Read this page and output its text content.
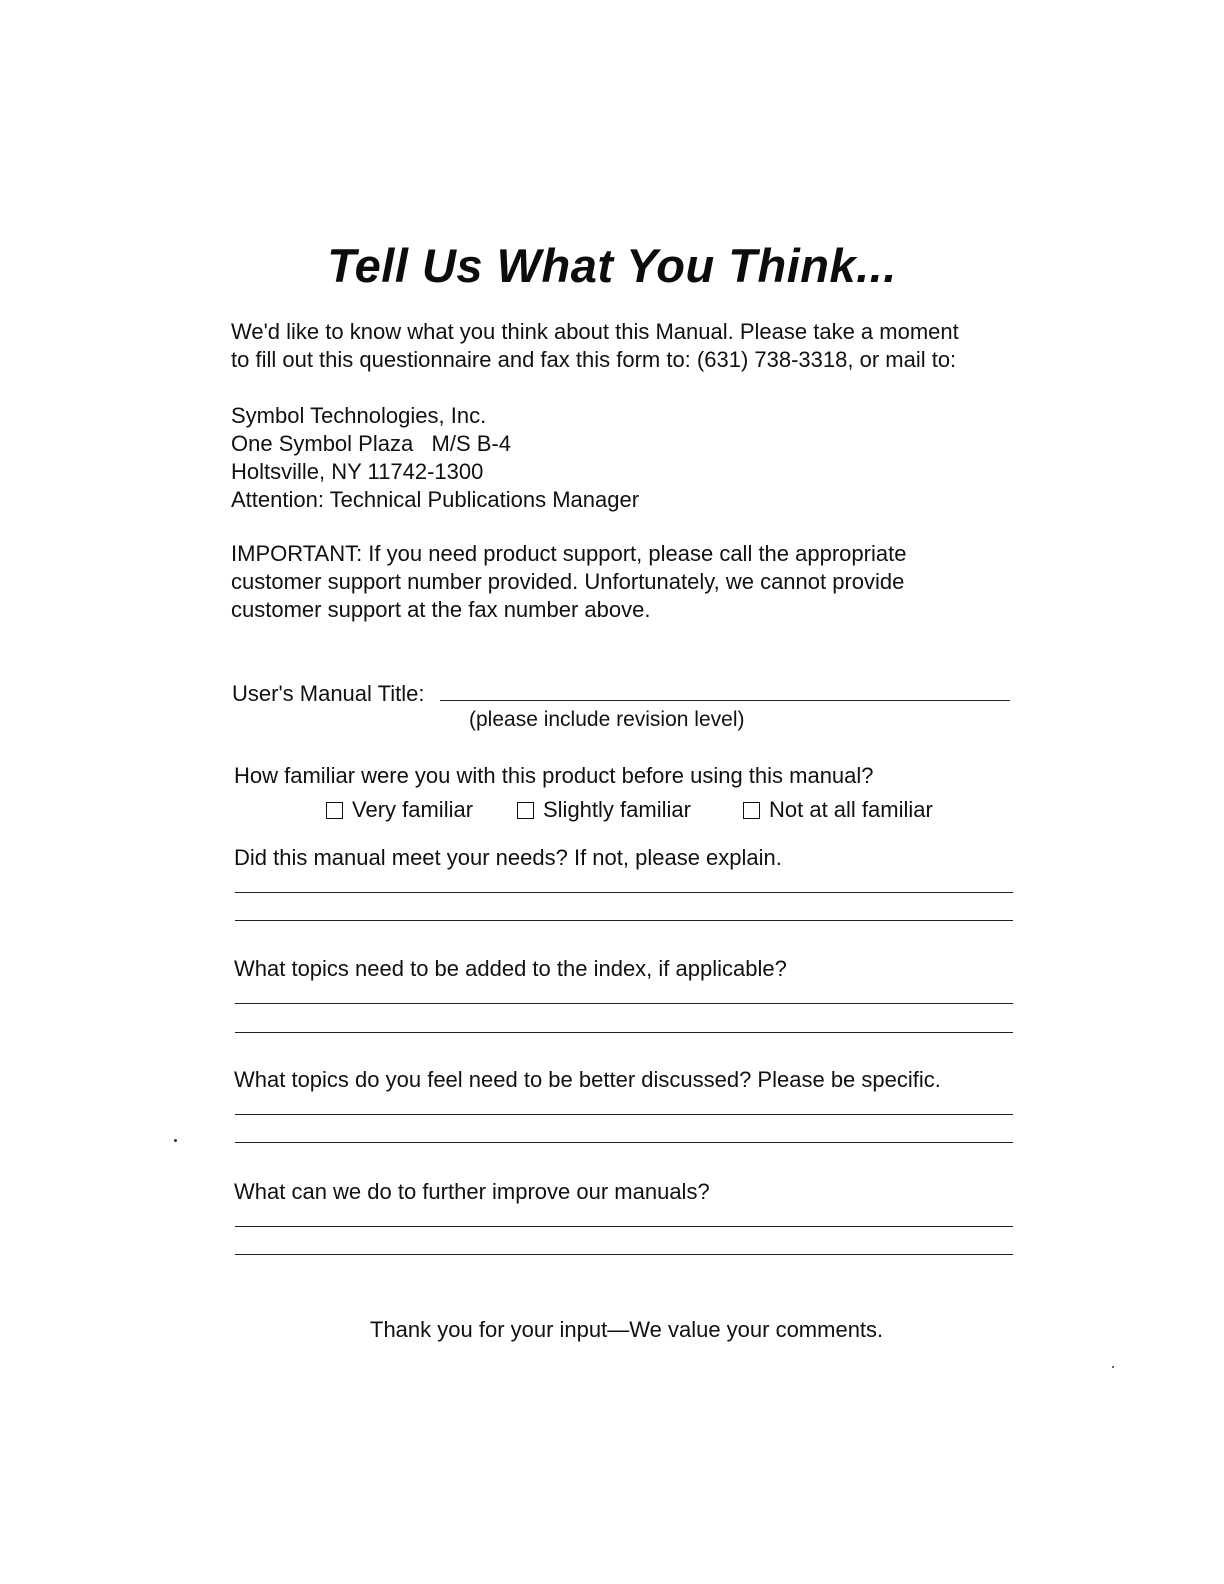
Tell Us What You Think...
We'd like to know what you think about this Manual. Please take a moment
to fill out this questionnaire and fax this form to: (631) 738-3318, or mail to:
Symbol Technologies, Inc.
One Symbol Plaza   M/S B-4
Holtsville, NY 11742-1300
Attention: Technical Publications Manager
IMPORTANT: If you need product support, please call the appropriate
customer support number provided. Unfortunately, we cannot provide
customer support at the fax number above.
User's Manual Title:
(please include revision level)
How familiar were you with this product before using this manual?
Very familiar	Slightly familiar	Not at all familiar
Did this manual meet your needs? If not, please explain.
What topics need to be added to the index, if applicable?
What topics do you feel need to be better discussed? Please be specific.
What can we do to further improve our manuals?
Thank you for your input—We value your comments.
